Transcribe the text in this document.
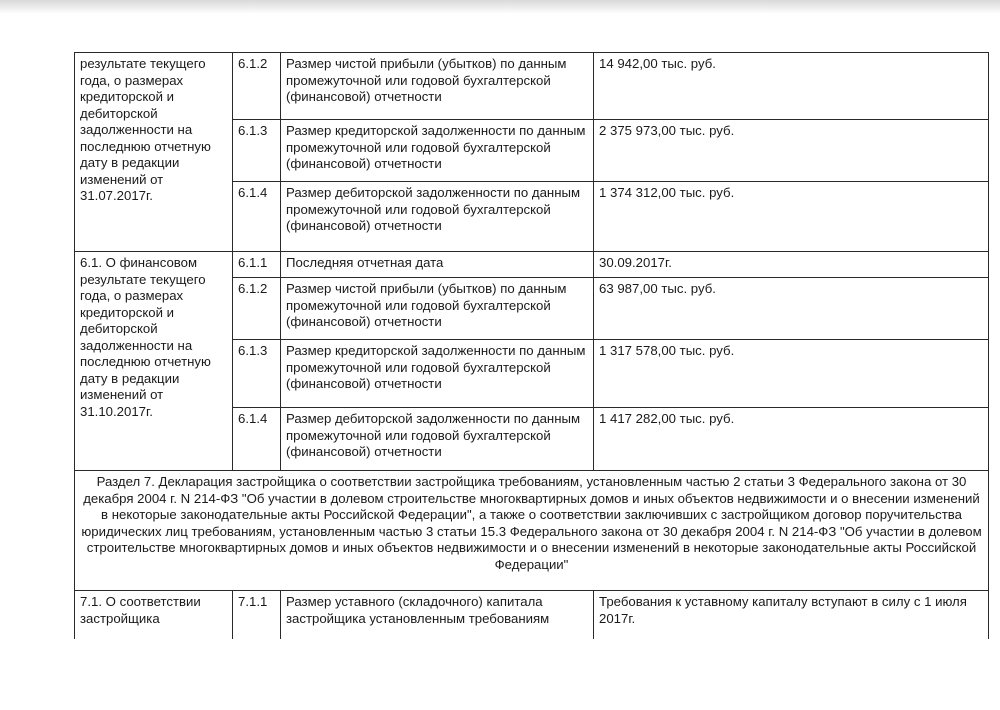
результате текущего года, о размерах кредиторской и дебиторской задолженности на последнюю отчетную дату в редакции изменений от 31.07.2017г.	6.1.2	Размер чистой прибыли (убытков) по данным промежуточной или годовой бухгалтерской (финансовой) отчетности	14 942,00 тыс. руб.
	6.1.3	Размер кредиторской задолженности по данным промежуточной или годовой бухгалтерской (финансовой) отчетности	2 375 973,00 тыс. руб.
	6.1.4	Размер дебиторской задолженности по данным промежуточной или годовой бухгалтерской (финансовой) отчетности	1 374 312,00 тыс. руб.
6.1. О финансовом результате текущего года, о размерах кредиторской и дебиторской задолженности на последнюю отчетную дату в редакции изменений от 31.10.2017г.	6.1.1	Последняя отчетная дата	30.09.2017г.
	6.1.2	Размер чистой прибыли (убытков) по данным промежуточной или годовой бухгалтерской (финансовой) отчетности	63 987,00 тыс. руб.
	6.1.3	Размер кредиторской задолженности по данным промежуточной или годовой бухгалтерской (финансовой) отчетности	1 317 578,00 тыс. руб.
	6.1.4	Размер дебиторской задолженности по данным промежуточной или годовой бухгалтерской (финансовой) отчетности	1 417 282,00 тыс. руб.
Раздел 7. Декларация застройщика о соответствии застройщика требованиям, установленным частью 2 статьи 3 Федерального закона от 30 декабря 2004 г. N 214-ФЗ "Об участии в долевом строительстве многоквартирных домов и иных объектов недвижимости и о внесении изменений в некоторые законодательные акты Российской Федерации", а также о соответствии заключивших с застройщиком договор поручительства юридических лиц требованиям, установленным частью 3 статьи 15.3 Федерального закона от 30 декабря 2004 г. N 214-ФЗ "Об участии в долевом строительстве многоквартирных домов и иных объектов недвижимости и о внесении изменений в некоторые законодательные акты Российской Федерации"			
7.1. О соответствии застройщика	7.1.1	Размер уставного (складочного) капитала застройщика установленным требованиям	Требования к уставному капиталу вступают в силу с 1 июля 2017г.
